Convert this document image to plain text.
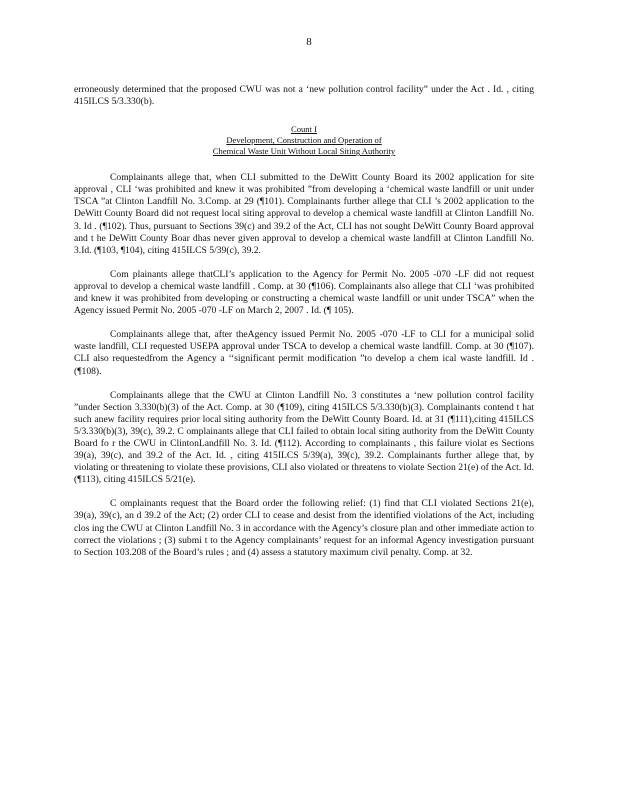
8

erroneously determined that the proposed CWU was not a ‘new pollution control facility” under the Act . Id. , citing 415ILCS 5/3.330(b).

Count I
Development, Construction and Operation of
Chemical Waste Unit Without Local Siting Authority

Complainants allege that, when CLI submitted to the DeWitt County Board its 2002 application for site approval , CLI ‘was prohibited and knew it was prohibited ”from developing a ‘chemical waste landfill or unit under TSCA ”at Clinton Landfill No. 3.Comp. at 29 (¶101). Complainants further allege that CLI ’s 2002 application to the DeWitt County Board did not request local siting approval to develop a chemical waste landfill at Clinton Landfill No. 3. Id . (¶102). Thus, pursuant to Sections 39(c) and 39.2 of the Act, CLI has not sought DeWitt County Board approval and t he DeWitt County Boar dhas never given approval to develop a chemical waste landfill at Clinton Landfill No. 3.Id. (¶103, ¶104), citing 415ILCS 5/39(c), 39.2.

Com plainants allege thatCLI’s application to the Agency for Permit No. 2005 -070 -LF did not request approval to develop a chemical waste landfill . Comp. at 30 (¶106). Complainants also allege that CLI ‘was prohibited and knew it was prohibited from developing or constructing a chemical waste landfill or unit under TSCA” when the Agency issued Permit No. 2005 -070 -LF on March 2, 2007 . Id. (¶ 105).

Complainants allege that, after theAgency issued Permit No. 2005 -070 -LF to CLI for a municipal solid waste landfill, CLI requested USEPA approval under TSCA to develop a chemical waste landfill. Comp. at 30 (¶107). CLI also requestedfrom the Agency a ‘‘significant permit modification ”to develop a chem ical waste landfill. Id . (¶108).

Complainants allege that the CWU at Clinton Landfill No. 3 constitutes a ‘new pollution control facility ”under Section 3.330(b)(3) of the Act. Comp. at 30 (¶109), citing 415ILCS 5/3.330(b)(3). Complainants contend t hat such anew facility requires prior local siting authority from the DeWitt County Board. Id. at 31 (¶111),citing 415ILCS 5/3.330(b)(3), 39(c), 39.2. C omplainants allege that CLI failed to obtain local siting authority from the DeWitt County Board fo r the CWU in ClintonLandfill No. 3. Id. (¶112). According to complainants , this failure violat es Sections 39(a), 39(c), and 39.2 of the Act. Id. , citing 415ILCS 5/39(a), 39(c), 39.2. Complainants further allege that, by violating or threatening to violate these provisions, CLI also violated or threatens to violate Section 21(e) of the Act. Id. (¶113), citing 415ILCS 5/21(e).

C omplainants request that the Board order the following relief: (1) find that CLI violated Sections 21(e), 39(a), 39(c), an d 39.2 of the Act; (2) order CLI to cease and desist from the identified violations of the Act, including clos ing the CWU at Clinton Landfill No. 3 in accordance with the Agency’s closure plan and other immediate action to correct the violations ; (3) submi t to the Agency complainants’ request for an informal Agency investigation pursuant to Section 103.208 of the Board’s rules ; and (4) assess a statutory maximum civil penalty. Comp. at 32.
